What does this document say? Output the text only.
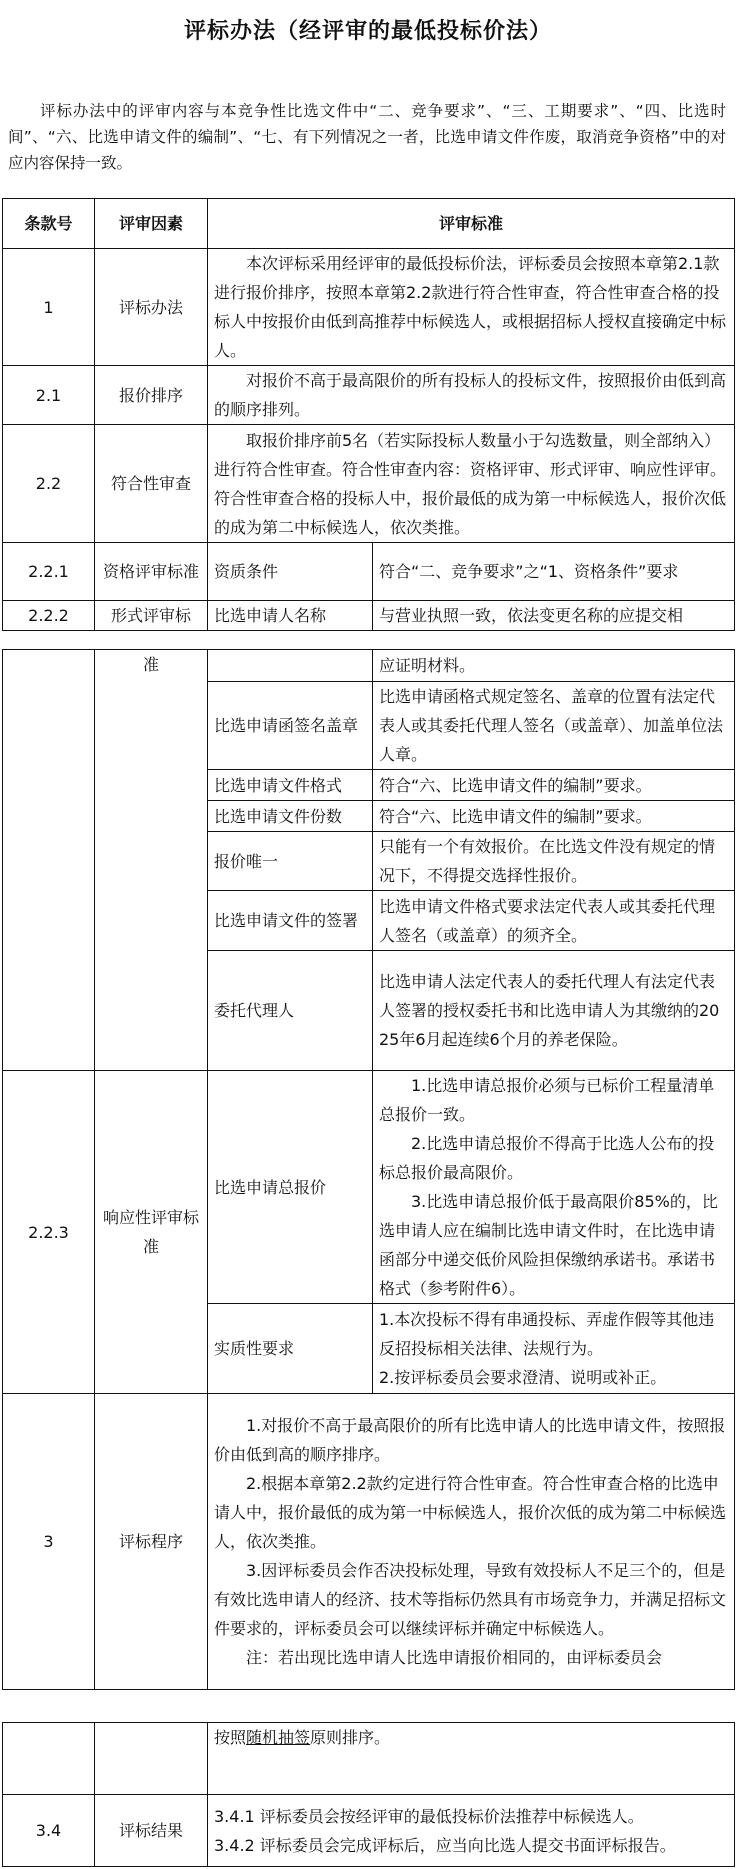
评标办法（经评审的最低投标价法）
评标办法中的评审内容与本竞争性比选文件中“二、竞争要求”、“三、工期要求”、“四、比选时间”、“六、比选申请文件的编制”、“七、有下列情况之一者，比选申请文件作废，取消竞争资格”中的对应内容保持一致。
条款号	评审因素	评审标准	
1	评标办法	本次评标采用经评审的最低投标价法，评标委员会按照本章第2.1款进行报价排序，按照本章第2.2款进行符合性审查，符合性审查合格的投标人中按报价由低到高推荐中标候选人，或根据招标人授权直接确定中标人。	
2.1	报价排序	对报价不高于最高限价的所有投标人的投标文件，按照报价由低到高的顺序排列。	
2.2	符合性审查	取报价排序前5名（若实际投标人数量小于勾选数量，则全部纳入）进行符合性审查。符合性审查内容：资格评审、形式评审、响应性评审。符合性审查合格的投标人中，报价最低的成为第一中标候选人，报价次低的成为第二中标候选人，依次类推。	
2.2.1	资格评审标准	资质条件	符合“二、竞争要求”之“1、资格条件”要求
2.2.2	形式评审标	比选申请人名称	与营业执照一致，依法变更名称的应提交相
	准		应证明材料。
		比选申请函签名盖章	比选申请函格式规定签名、盖章的位置有法定代表人或其委托代理人签名（或盖章）、加盖单位法人章。
		比选申请文件格式	符合“六、比选申请文件的编制”要求。
		比选申请文件份数	符合“六、比选申请文件的编制”要求。
		报价唯一	只能有一个有效报价。在比选文件没有规定的情况下，不得提交选择性报价。
		比选申请文件的签署	比选申请文件格式要求法定代表人或其委托代理人签名（或盖章）的须齐全。
		委托代理人	比选申请人法定代表人的委托代理人有法定代表人签署的授权委托书和比选申请人为其缴纳的2025年6月起连续6个月的养老保险。
2.2.3	响应性评审标准	比选申请总报价	1.比选申请总报价必须与已标价工程量清单总报价一致。
2.比选申请总报价不得高于比选人公布的投标总报价最高限价。
3.比选申请总报价低于最高限价85%的，比选申请人应在编制比选申请文件时，在比选申请函部分中递交低价风险担保缴纳承诺书。承诺书格式（参考附件6）。

		实质性要求	1.本次投标不得有串通投标、弄虚作假等其他违反招投标相关法律、法规行为。
2.按评标委员会要求澄清、说明或补正。

3	评标程序	1.对报价不高于最高限价的所有比选申请人的比选申请文件，按照报价由低到高的顺序排序。
2.根据本章第2.2款约定进行符合性审查。符合性审查合格的比选申请人中，报价最低的成为第一中标候选人，报价次低的成为第二中标候选人，依次类推。
3.因评标委员会作否决投标处理，导致有效投标人不足三个的，但是有效比选申请人的经济、技术等指标仍然具有市场竞争力，并满足招标文件要求的，评标委员会可以继续评标并确定中标候选人。
注：若出现比选申请人比选申请报价相同的，由评标委员会	
		按照随机抽签原则排序。
3.4	评标结果	3.4.1 评标委员会按经评审的最低投标价法推荐中标候选人。
3.4.2 评标委员会完成评标后，应当向比选人提交书面评标报告。
